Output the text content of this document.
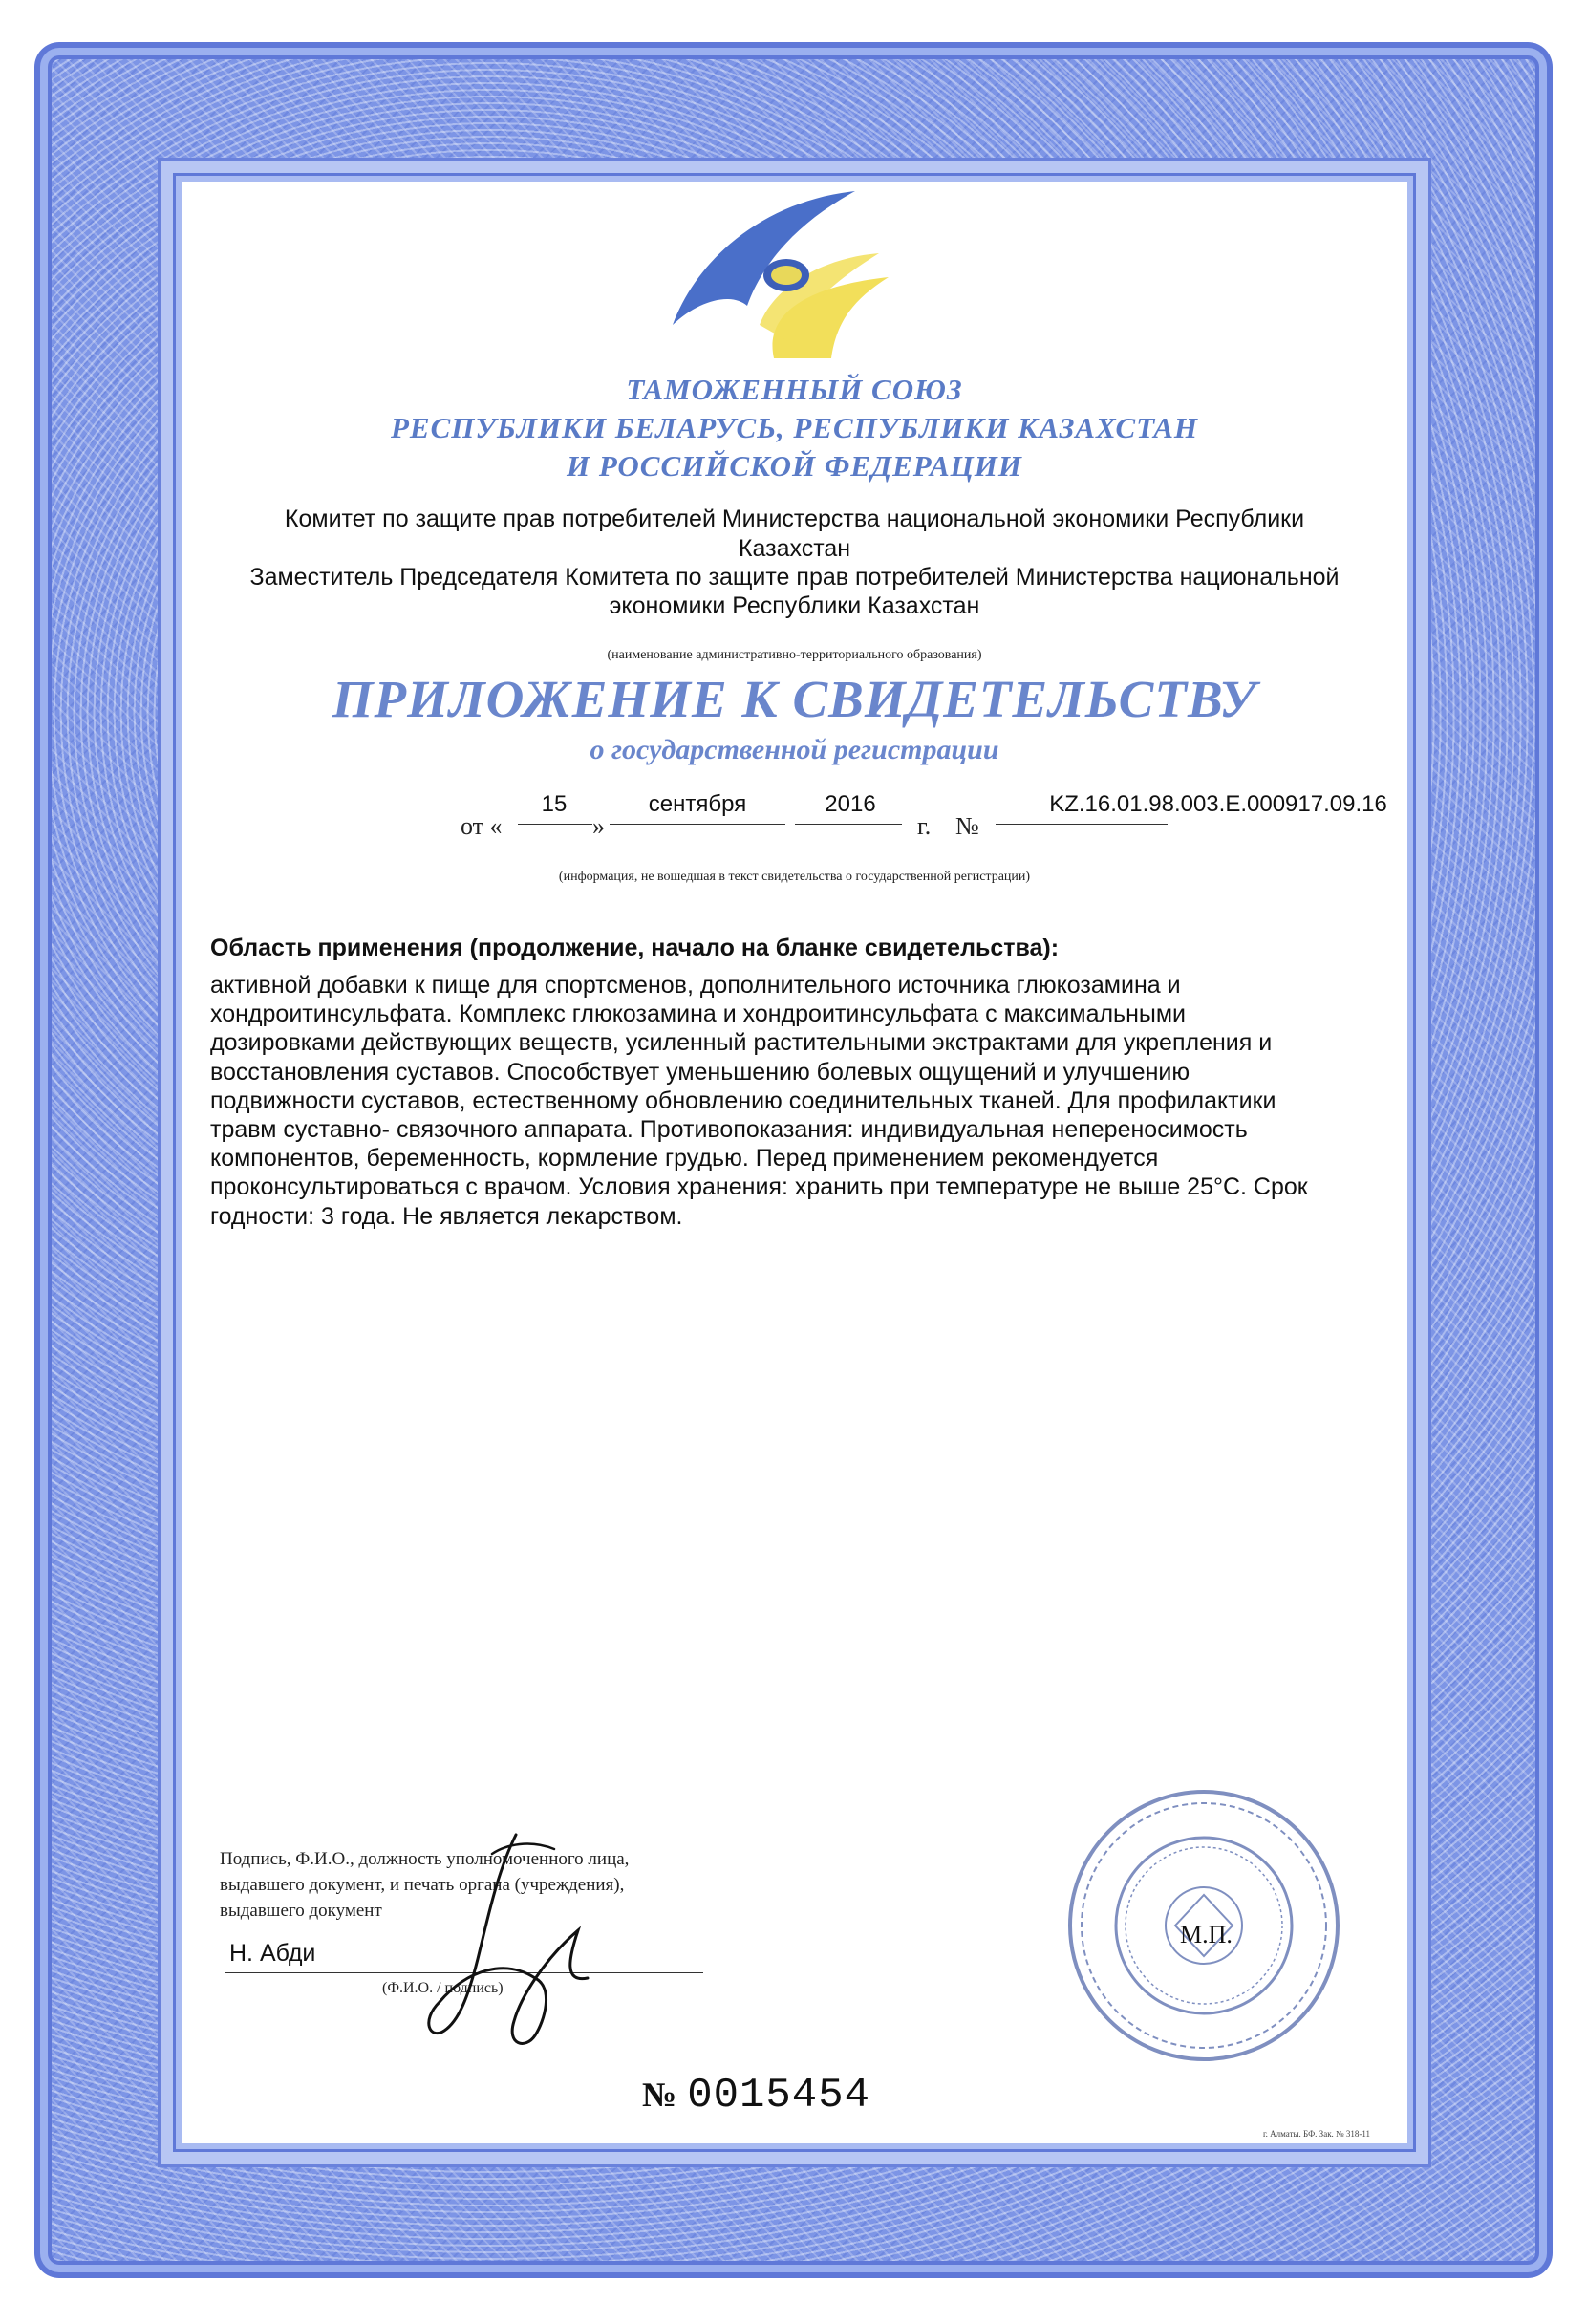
ТАМОЖЕННЫЙ СОЮЗ
РЕСПУБЛИКИ БЕЛАРУСЬ, РЕСПУБЛИКИ КАЗАХСТАН
И РОССИЙСКОЙ ФЕДЕРАЦИИ
Комитет по защите прав потребителей Министерства национальной экономики Республики
Казахстан
Заместитель Председателя Комитета по защите прав потребителей Министерства национальной
экономики Республики Казахстан
(наименование административно-территориального образования)
ПРИЛОЖЕНИЕ К СВИДЕТЕЛЬСТВУ
о государственной регистрации
от «
15
»
сентября	2016
г. №
KZ.16.01.98.003.Е.000917.09.16
(информация, не вошедшая в текст свидетельства о государственной регистрации)
Область применения (продолжение, начало на бланке свидетельства):
активной добавки к пище для спортсменов, дополнительного источника глюкозамина и
хондроитинсульфата. Комплекс глюкозамина и хондроитинсульфата с максимальными
дозировками действующих веществ, усиленный растительными экстрактами для укрепления и
восстановления суставов. Способствует уменьшению болевых ощущений и улучшению
подвижности суставов, естественному обновлению соединительных тканей. Для профилактики
травм суставно- связочного аппарата. Противопоказания: индивидуальная непереносимость
компонентов, беременность, кормление грудью. Перед применением рекомендуется
проконсультироваться с врачом. Условия хранения: хранить при температуре не выше 25°С. Срок
годности: 3 года. Не является лекарством.
Подпись, Ф.И.О., должность уполномоченного лица,
выдавшего документ, и печать органа (учреждения),
выдавшего документ
Н. Абди
(Ф.И.О. / подпись)
М.П.
№ 0015454
г. Алматы. БФ. Зак. № 318-11
